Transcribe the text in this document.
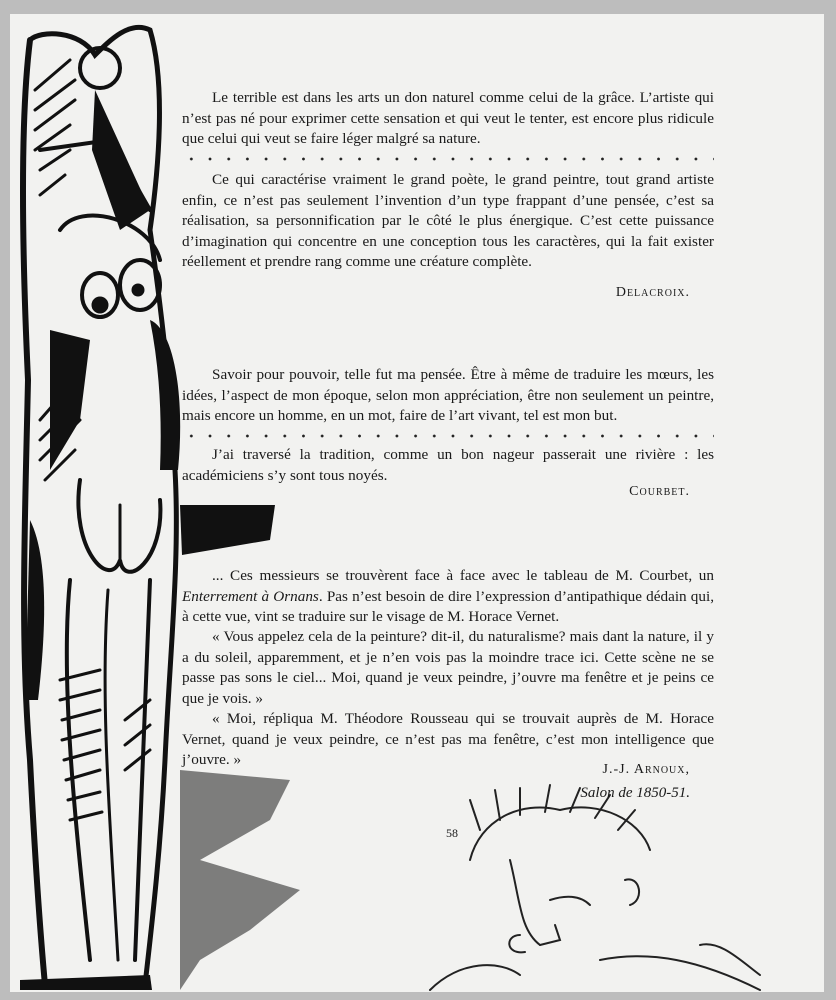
Le terrible est dans les arts un don naturel comme celui de la grâce. L’artiste qui n’est pas né pour exprimer cette sensation et qui veut le tenter, est encore plus ridicule que celui qui veut se faire léger malgré sa nature.

Ce qui caractérise vraiment le grand poète, le grand peintre, tout grand artiste enfin, ce n’est pas seulement l’invention d’un type frappant d’une pensée, c’est sa réalisation, sa personnification par le côté le plus énergique. C’est cette puissance d’imagination qui concentre en une conception tous les caractères, qui la fait exister réellement et prendre rang comme une créature complète.

Delacroix.

Savoir pour pouvoir, telle fut ma pensée. Être à même de traduire les mœurs, les idées, l’aspect de mon époque, selon mon appréciation, être non seulement un peintre, mais encore un homme, en un mot, faire de l’art vivant, tel est mon but.

J’ai traversé la tradition, comme un bon nageur passerait une rivière : les académiciens s’y sont tous noyés.

Courbet.

... Ces messieurs se trouvèrent face à face avec le tableau de M. Courbet, un Enterrement à Ornans. Pas n’est besoin de dire l’expression d’antipathique dédain qui, à cette vue, vint se traduire sur le visage de M. Horace Vernet.

« Vous appelez cela de la peinture? dit-il, du naturalisme? mais dant la nature, il y a du soleil, apparemment, et je n’en vois pas la moindre trace ici. Cette scène ne se passe pas sons le ciel... Moi, quand je veux peindre, j’ouvre ma fenêtre et je peins ce que je vois. »

« Moi, répliqua M. Théodore Rousseau qui se trouvait auprès de M. Horace Vernet, quand je veux peindre, ce n’est pas ma fenêtre, c’est mon intelligence que j’ouvre. »

J.-J. Arnoux,
Salon de 1850-51.
58
